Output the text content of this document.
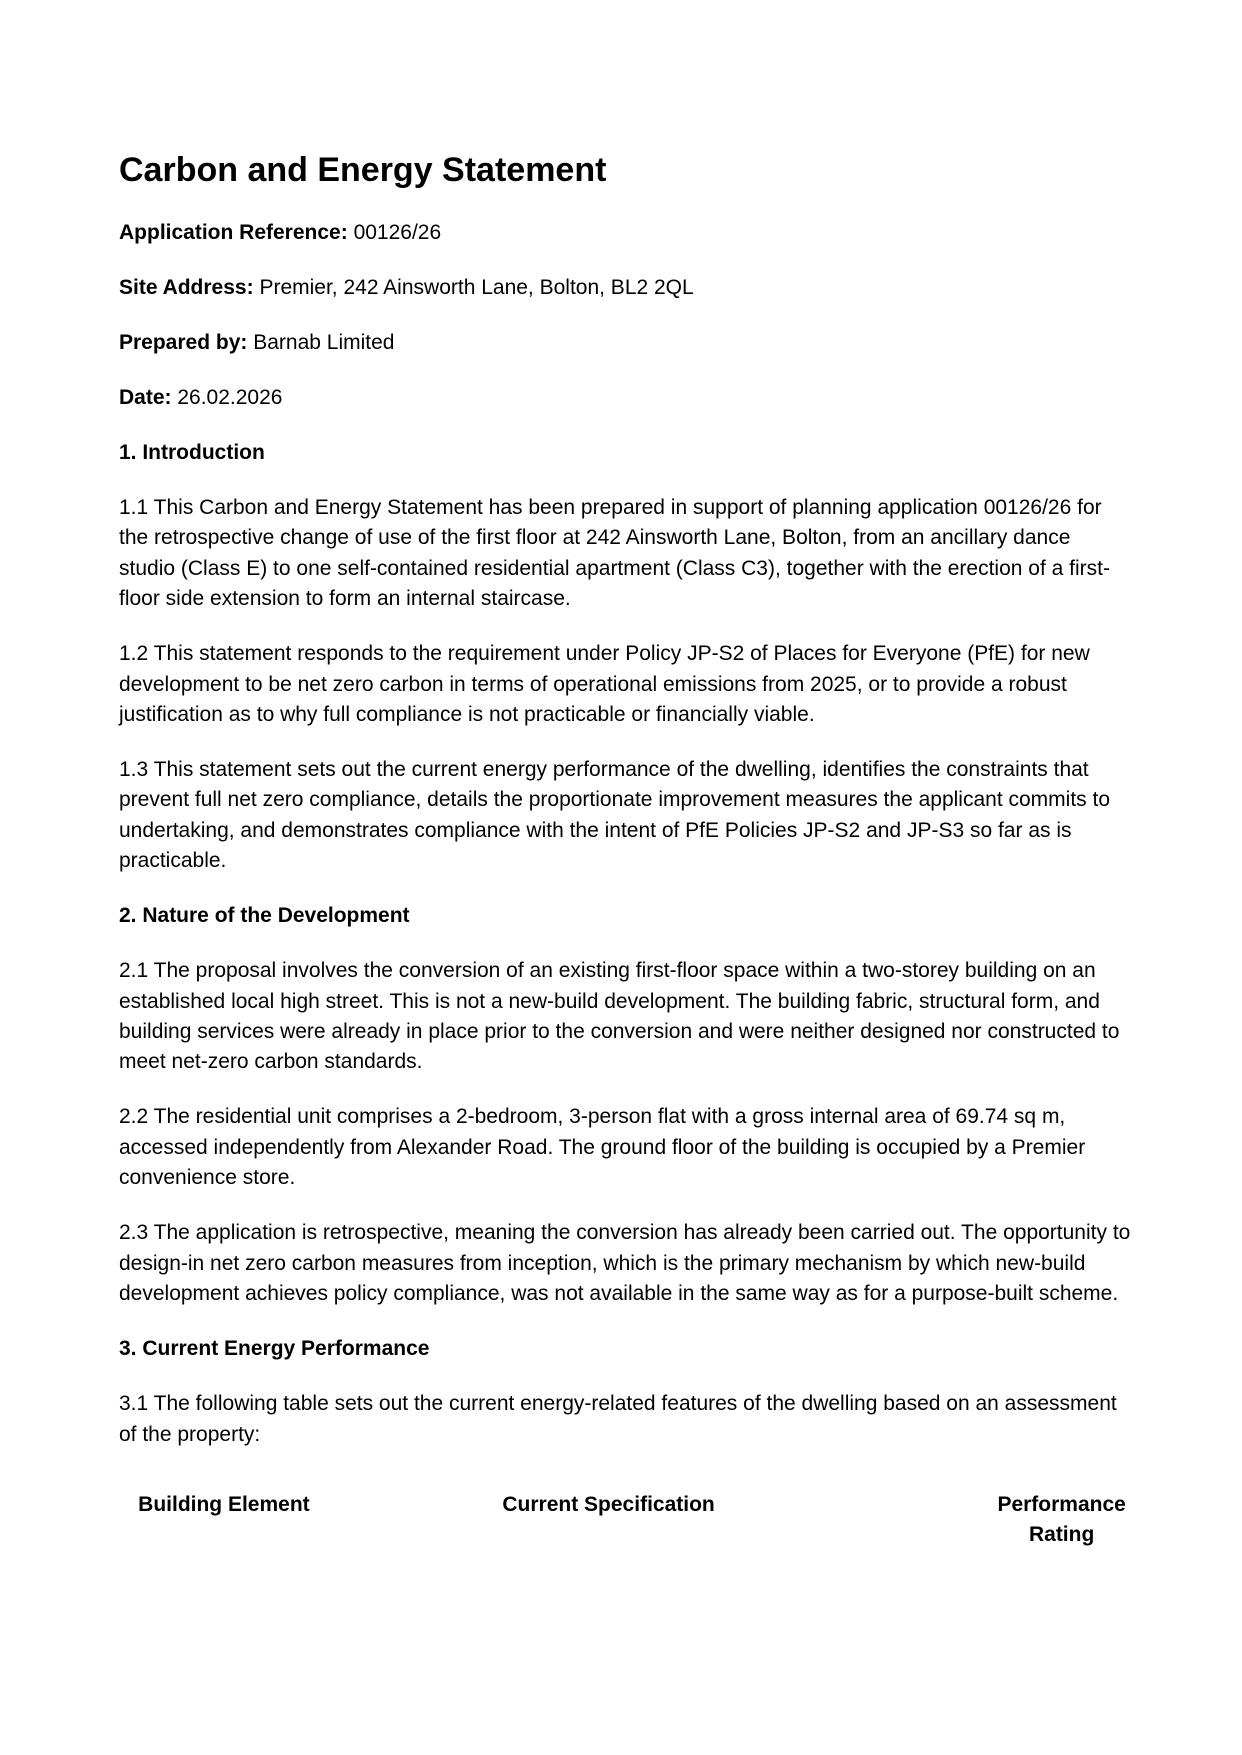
Carbon and Energy Statement

Application Reference: 00126/26

Site Address: Premier, 242 Ainsworth Lane, Bolton, BL2 2QL

Prepared by: Barnab Limited

Date: 26.02.2026

1. Introduction

1.1 This Carbon and Energy Statement has been prepared in support of planning application 00126/26 for the retrospective change of use of the first floor at 242 Ainsworth Lane, Bolton, from an ancillary dance studio (Class E) to one self-contained residential apartment (Class C3), together with the erection of a first-floor side extension to form an internal staircase.

1.2 This statement responds to the requirement under Policy JP-S2 of Places for Everyone (PfE) for new development to be net zero carbon in terms of operational emissions from 2025, or to provide a robust justification as to why full compliance is not practicable or financially viable.

1.3 This statement sets out the current energy performance of the dwelling, identifies the constraints that prevent full net zero compliance, details the proportionate improvement measures the applicant commits to undertaking, and demonstrates compliance with the intent of PfE Policies JP-S2 and JP-S3 so far as is practicable.

2. Nature of the Development

2.1 The proposal involves the conversion of an existing first-floor space within a two-storey building on an established local high street. This is not a new-build development. The building fabric, structural form, and building services were already in place prior to the conversion and were neither designed nor constructed to meet net-zero carbon standards.

2.2 The residential unit comprises a 2-bedroom, 3-person flat with a gross internal area of 69.74 sq m, accessed independently from Alexander Road. The ground floor of the building is occupied by a Premier convenience store.

2.3 The application is retrospective, meaning the conversion has already been carried out. The opportunity to design-in net zero carbon measures from inception, which is the primary mechanism by which new-build development achieves policy compliance, was not available in the same way as for a purpose-built scheme.

3. Current Energy Performance

3.1 The following table sets out the current energy-related features of the dwelling based on an assessment of the property:

Building Element	Current Specification	Performance Rating
